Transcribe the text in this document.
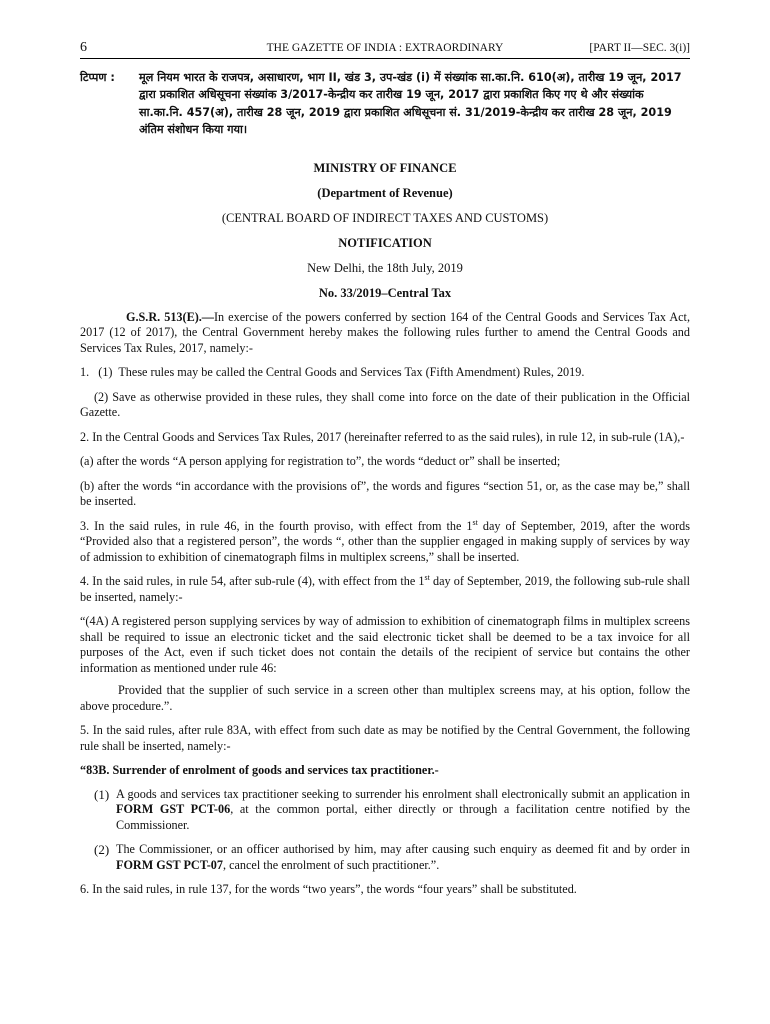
6	THE GAZETTE OF INDIA : EXTRAORDINARY	[PART II—SEC. 3(i)]
टिप्पण : मूल नियम भारत के राजपत्र, असाधारण, भाग II, खंड 3, उप-खंड (i) में संख्यांक सा.का.नि. 610(अ), तारीख 19 जून, 2017 द्वारा प्रकाशित अधिसूचना संख्यांक 3/2017-केन्द्रीय कर तारीख 19 जून, 2017 द्वारा प्रकाशित किए गए थे और संख्यांक सा.का.नि. 457(अ), तारीख 28 जून, 2019 द्वारा प्रकाशित अधिसूचना सं. 31/2019-केन्द्रीय कर तारीख 28 जून, 2019 अंतिम संशोधन किया गया।
MINISTRY OF FINANCE
(Department of Revenue)
(CENTRAL BOARD OF INDIRECT TAXES AND CUSTOMS)
NOTIFICATION
New Delhi, the 18th July, 2019
No. 33/2019–Central Tax

G.S.R. 513(E).—In exercise of the powers conferred by section 164 of the Central Goods and Services Tax Act, 2017 (12 of 2017), the Central Government hereby makes the following rules further to amend the Central Goods and Services Tax Rules, 2017, namely:-

1.   (1)  These rules may be called the Central Goods and Services Tax (Fifth Amendment) Rules, 2019.

(2) Save as otherwise provided in these rules, they shall come into force on the date of their publication in the Official Gazette.

2. In the Central Goods and Services Tax Rules, 2017 (hereinafter referred to as the said rules), in rule 12, in sub-rule (1A),-

(a) after the words “A person applying for registration to”, the words “deduct or” shall be inserted;

(b) after the words “in accordance with the provisions of”, the words and figures “section 51, or, as the case may be,” shall be inserted.

3. In the said rules, in rule 46, in the fourth proviso, with effect from the 1st day of September, 2019, after the words “Provided also that a registered person”, the words “, other than the supplier engaged in making supply of services by way of admission to exhibition of cinematograph films in multiplex screens,” shall be inserted.

4. In the said rules, in rule 54, after sub-rule (4), with effect from the 1st day of September, 2019, the following sub-rule shall be inserted, namely:-

“(4A) A registered person supplying services by way of admission to exhibition of cinematograph films in multiplex screens shall be required to issue an electronic ticket and the said electronic ticket shall be deemed to be a tax invoice for all purposes of the Act, even if such ticket does not contain the details of the recipient of service but contains the other information as mentioned under rule 46:

Provided that the supplier of such service in a screen other than multiplex screens may, at his option, follow the above procedure.”.

5. In the said rules, after rule 83A, with effect from such date as may be notified by the Central Government, the following rule shall be inserted, namely:-

“83B. Surrender of enrolment of goods and services tax practitioner.-

(1) A goods and services tax practitioner seeking to surrender his enrolment shall electronically submit an application in FORM GST PCT-06, at the common portal, either directly or through a facilitation centre notified by the Commissioner.

(2) The Commissioner, or an officer authorised by him, may after causing such enquiry as deemed fit and by order in FORM GST PCT-07, cancel the enrolment of such practitioner.”.

6. In the said rules, in rule 137, for the words “two years”, the words “four years” shall be substituted.
